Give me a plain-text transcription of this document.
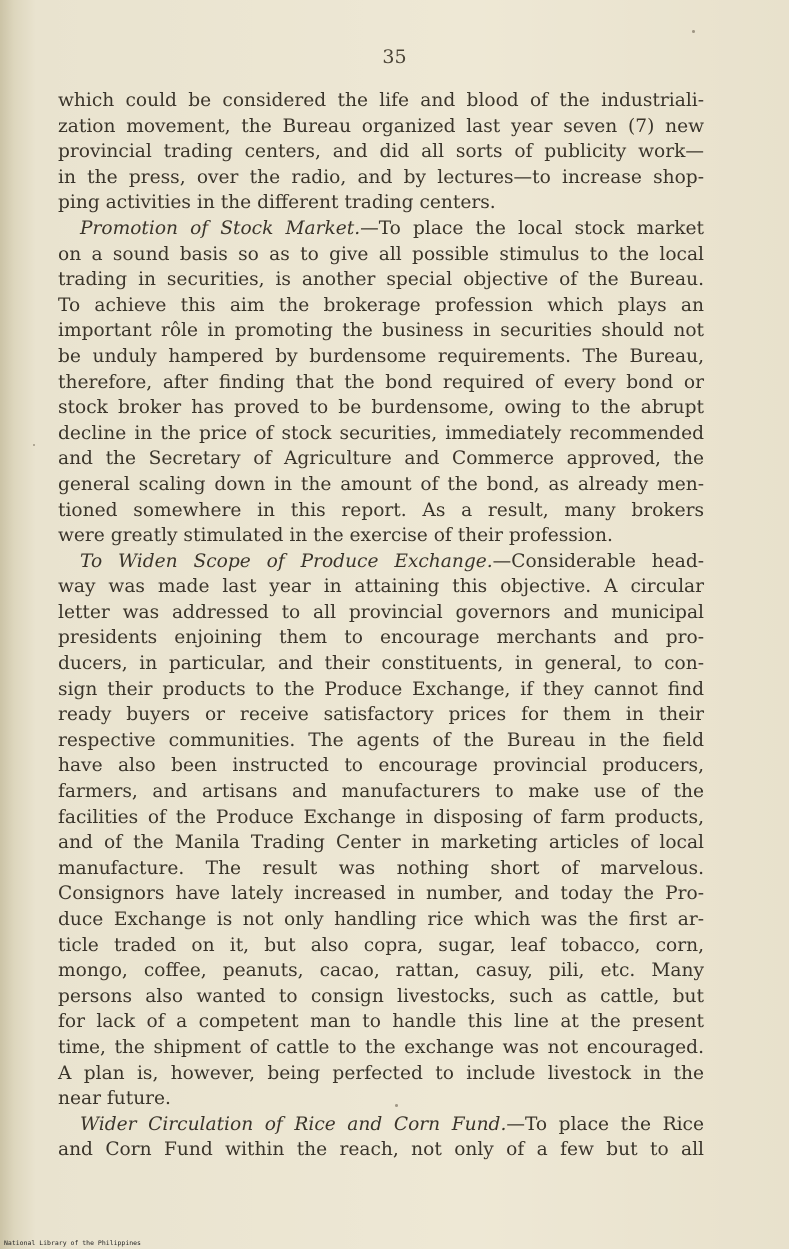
35
which could be considered the life and blood of the industriali-
zation movement, the Bureau organized last year seven (7) new
provincial trading centers, and did all sorts of publicity work—
in the press, over the radio, and by lectures—to increase shop-
ping activities in the different trading centers.
Promotion of Stock Market.—To place the local stock market
on a sound basis so as to give all possible stimulus to the local
trading in securities, is another special objective of the Bureau.
To achieve this aim the brokerage profession which plays an
important rôle in promoting the business in securities should not
be unduly hampered by burdensome requirements. The Bureau,
therefore, after finding that the bond required of every bond or
stock broker has proved to be burdensome, owing to the abrupt
decline in the price of stock securities, immediately recommended
and the Secretary of Agriculture and Commerce approved, the
general scaling down in the amount of the bond, as already men-
tioned somewhere in this report. As a result, many brokers
were greatly stimulated in the exercise of their profession.
To Widen Scope of Produce Exchange.—Considerable head-
way was made last year in attaining this objective. A circular
letter was addressed to all provincial governors and municipal
presidents enjoining them to encourage merchants and pro-
ducers, in particular, and their constituents, in general, to con-
sign their products to the Produce Exchange, if they cannot find
ready buyers or receive satisfactory prices for them in their
respective communities. The agents of the Bureau in the field
have also been instructed to encourage provincial producers,
farmers, and artisans and manufacturers to make use of the
facilities of the Produce Exchange in disposing of farm products,
and of the Manila Trading Center in marketing articles of local
manufacture. The result was nothing short of marvelous.
Consignors have lately increased in number, and today the Pro-
duce Exchange is not only handling rice which was the first ar-
ticle traded on it, but also copra, sugar, leaf tobacco, corn,
mongo, coffee, peanuts, cacao, rattan, casuy, pili, etc. Many
persons also wanted to consign livestocks, such as cattle, but
for lack of a competent man to handle this line at the present
time, the shipment of cattle to the exchange was not encouraged.
A plan is, however, being perfected to include livestock in the
near future.
Wider Circulation of Rice and Corn Fund.—To place the Rice
and Corn Fund within the reach, not only of a few but to all
National Library of the Philippines
